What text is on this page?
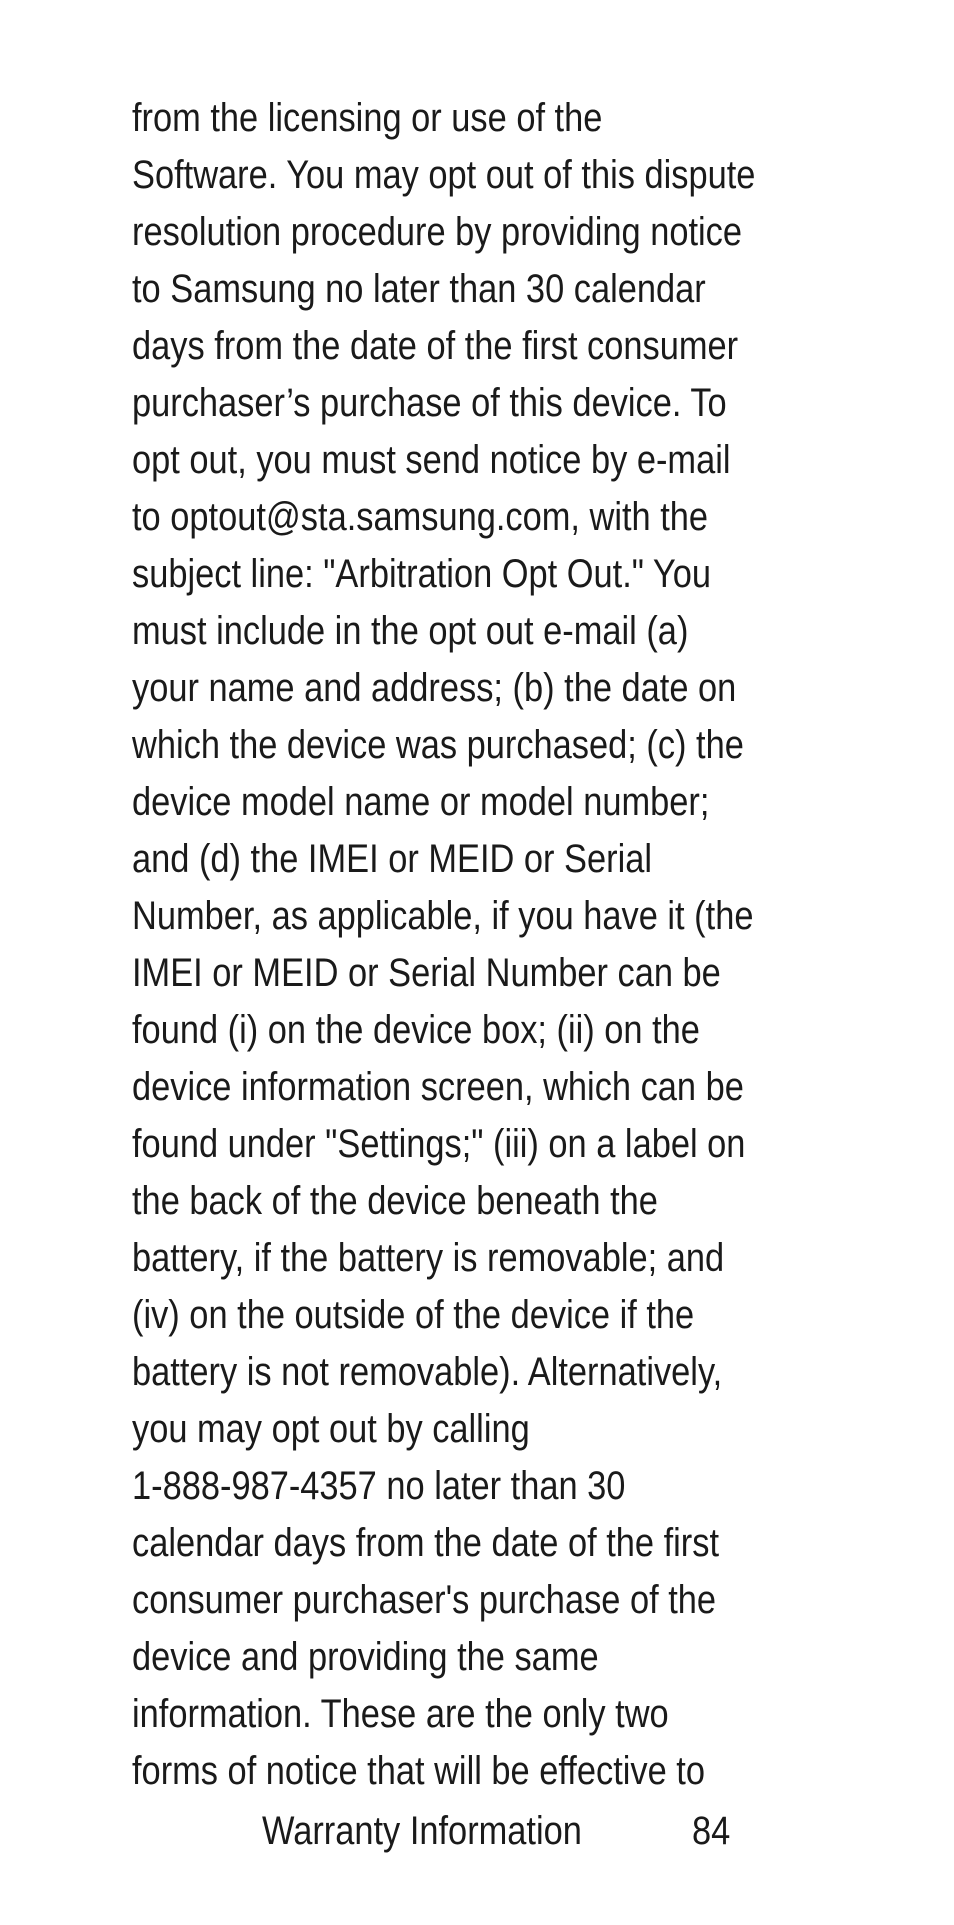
from the licensing or use of the
Software. You may opt out of this dispute
resolution procedure by providing notice
to Samsung no later than 30 calendar
days from the date of the first consumer
purchaser’s purchase of this device. To
opt out, you must send notice by e-mail
to optout@sta.samsung.com, with the
subject line: "Arbitration Opt Out." You
must include in the opt out e-mail (a)
your name and address; (b) the date on
which the device was purchased; (c) the
device model name or model number;
and (d) the IMEI or MEID or Serial
Number, as applicable, if you have it (the
IMEI or MEID or Serial Number can be
found (i) on the device box; (ii) on the
device information screen, which can be
found under "Settings;" (iii) on a label on
the back of the device beneath the
battery, if the battery is removable; and
(iv) on the outside of the device if the
battery is not removable). Alternatively,
you may opt out by calling
1-888-987-4357 no later than 30
calendar days from the date of the first
consumer purchaser's purchase of the
device and providing the same
information. These are the only two
forms of notice that will be effective to
Warranty Information	84
